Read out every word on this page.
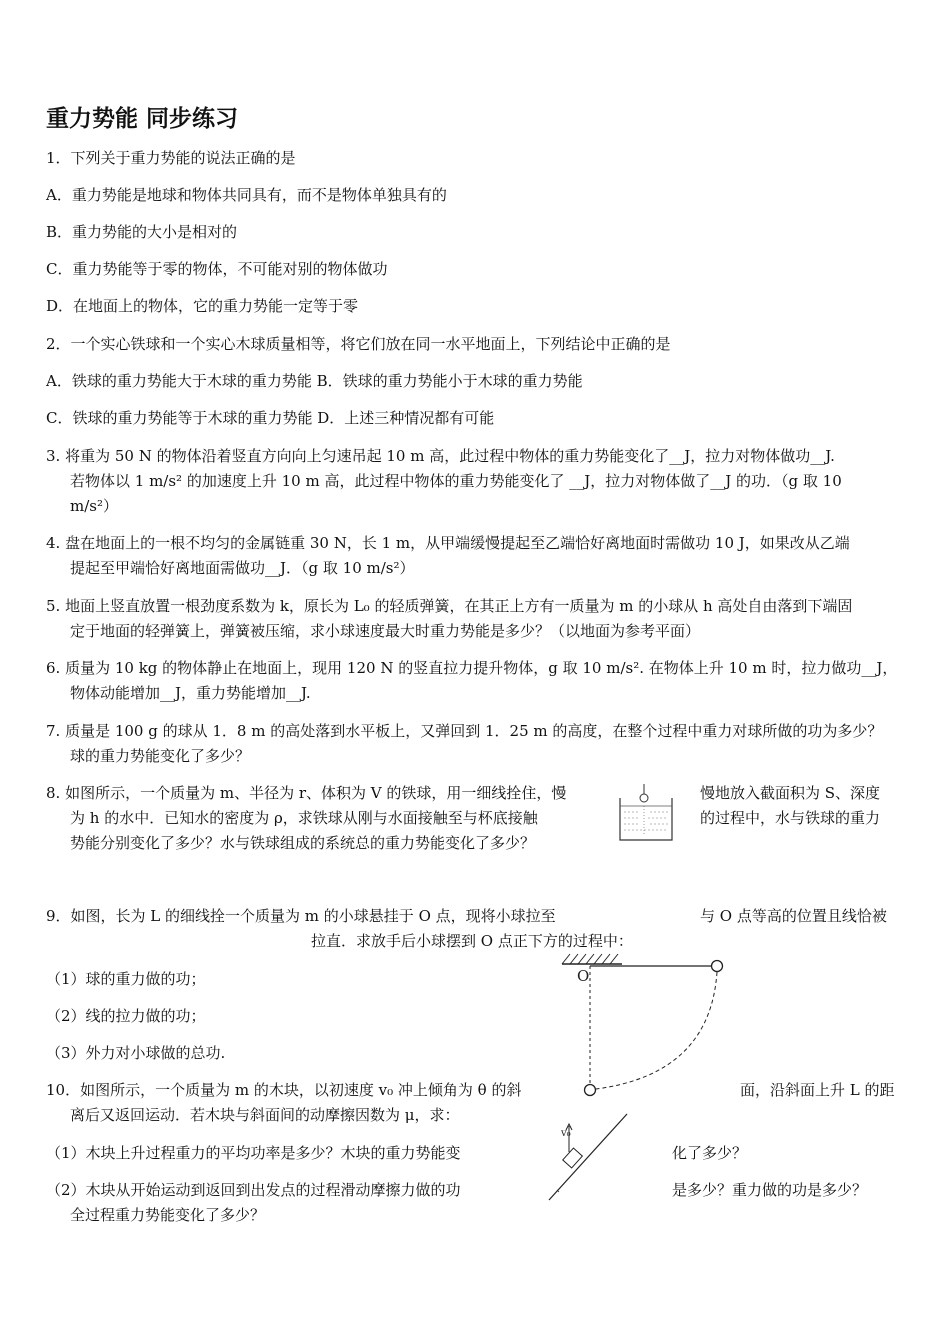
重力势能 同步练习
1．下列关于重力势能的说法正确的是
A．重力势能是地球和物体共同具有，而不是物体单独具有的
B．重力势能的大小是相对的
C．重力势能等于零的物体，不可能对别的物体做功
D．在地面上的物体，它的重力势能一定等于零
2．一个实心铁球和一个实心木球质量相等，将它们放在同一水平地面上，下列结论中正确的是
A．铁球的重力势能大于木球的重力势能 B．铁球的重力势能小于木球的重力势能
C．铁球的重力势能等于木球的重力势能 D．上述三种情况都有可能
3. 将重为 50 N 的物体沿着竖直方向向上匀速吊起 10 m 高，此过程中物体的重力势能变化了__J，拉力对物体做功__J.
若物体以 1 m/s² 的加速度上升 10 m 高，此过程中物体的重力势能变化了 __J，拉力对物体做了__J 的功．（g 取 10
m/s²）
4. 盘在地面上的一根不均匀的金属链重 30 N，长 1 m，从甲端缓慢提起至乙端恰好离地面时需做功 10 J，如果改从乙端
提起至甲端恰好离地面需做功__J．（g 取 10 m/s²）
5. 地面上竖直放置一根劲度系数为 k，原长为 L₀ 的轻质弹簧，在其正上方有一质量为 m 的小球从 h 高处自由落到下端固
定于地面的轻弹簧上，弹簧被压缩，求小球速度最大时重力势能是多少？（以地面为参考平面）
6. 质量为 10 kg 的物体静止在地面上，现用 120 N 的竖直拉力提升物体，g 取 10 m/s². 在物体上升 10 m 时，拉力做功__J，
物体动能增加__J，重力势能增加__J.
7. 质量是 100 g 的球从 1．8 m 的高处落到水平板上，又弹回到 1．25 m 的高度，在整个过程中重力对球所做的功为多少？
球的重力势能变化了多少？
8. 如图所示，一个质量为 m、半径为 r、体积为 V 的铁球，用一细线拴住，慢	慢地放入截面积为 S、深度
为 h 的水中．已知水的密度为 ρ，求铁球从刚与水面接触至与杯底接触	的过程中，水与铁球的重力
势能分别变化了多少？水与铁球组成的系统总的重力势能变化了多少？
9．如图，长为 L 的细线拴一个质量为 m 的小球悬挂于 O 点，现将小球拉至	与 O 点等高的位置且线恰被
拉直．求放手后小球摆到 O 点正下方的过程中：
（1）球的重力做的功；
（2）线的拉力做的功；
（3）外力对小球做的总功.
O
10．如图所示，一个质量为 m 的木块，以初速度 v₀ 冲上倾角为 θ 的斜	面，沿斜面上升 L 的距
离后又返回运动．若木块与斜面间的动摩擦因数为 μ，求：
（1）木块上升过程重力的平均功率是多少？木块的重力势能变	化了多少？
（2）木块从开始运动到返回到出发点的过程滑动摩擦力做的功	是多少？重力做的功是多少？
全过程重力势能变化了多少？
v₀
